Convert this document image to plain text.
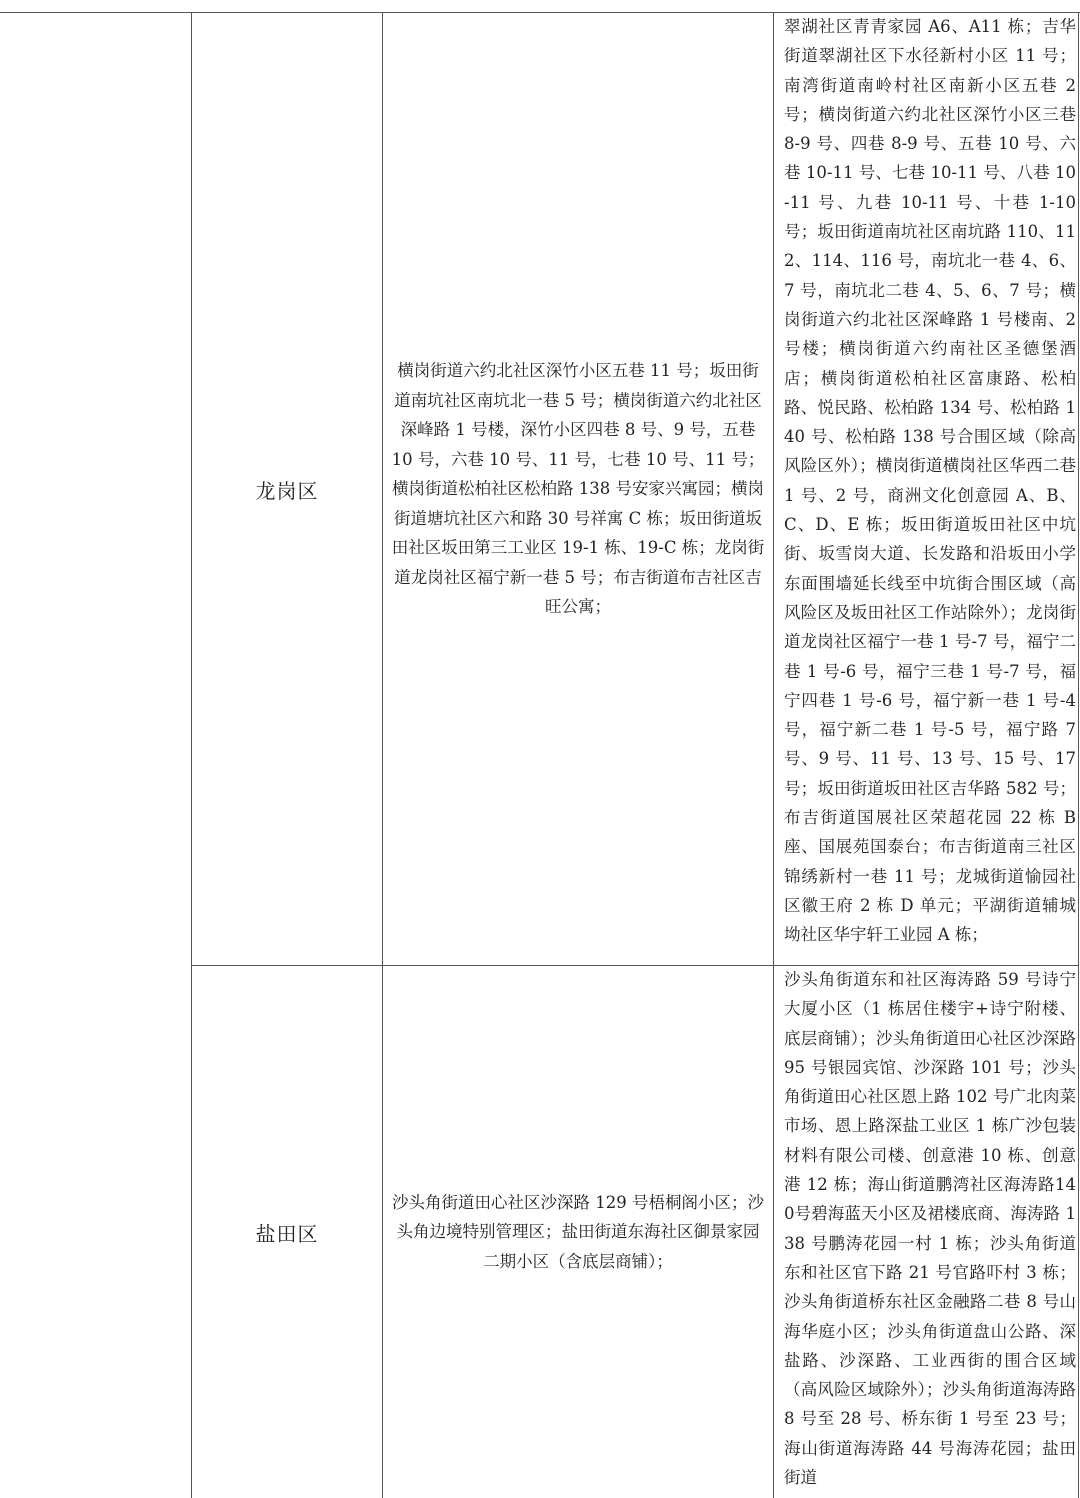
龙岗区
横岗街道六约北社区深竹小区五巷 11 号；坂田街道南坑社区南坑北一巷 5 号；横岗街道六约北社区深峰路 1 号楼，深竹小区四巷 8 号、9 号，五巷 10 号，六巷 10 号、11 号，七巷 10 号、11 号；横岗街道松柏社区松柏路 138 号安家兴寓园；横岗街道塘坑社区六和路 30 号祥寓 C 栋；坂田街道坂田社区坂田第三工业区 19-1 栋、19-C 栋；龙岗街道龙岗社区福宁新一巷 5 号；布吉街道布吉社区吉旺公寓；
翠湖社区青青家园 A6、A11 栋；吉华街道翠湖社区下水径新村小区 11 号；南湾街道南岭村社区南新小区五巷 2 号；横岗街道六约北社区深竹小区三巷 8-9 号、四巷 8-9 号、五巷 10 号、六巷 10-11 号、七巷 10-11 号、八巷 10-11 号、九巷 10-11 号、十巷 1-10 号；坂田街道南坑社区南坑路 110、112、114、116 号，南坑北一巷 4、6、7 号，南坑北二巷 4、5、6、7 号；横岗街道六约北社区深峰路 1 号楼南、2 号楼；横岗街道六约南社区圣德堡酒店；横岗街道松柏社区富康路、松柏路、悦民路、松柏路 134 号、松柏路 140 号、松柏路 138 号合围区域（除高风险区外）；横岗街道横岗社区华西二巷 1 号、2 号，商洲文化创意园 A、B、C、D、E 栋；坂田街道坂田社区中坑街、坂雪岗大道、长发路和沿坂田小学东面围墙延长线至中坑街合围区域（高风险区及坂田社区工作站除外）；龙岗街道龙岗社区福宁一巷 1 号-7 号，福宁二巷 1 号-6 号，福宁三巷 1 号-7 号，福宁四巷 1 号-6 号，福宁新一巷 1 号-4 号，福宁新二巷 1 号-5 号，福宁路 7 号、9 号、11 号、13 号、15 号、17 号；坂田街道坂田社区吉华路 582 号；布吉街道国展社区荣超花园 22 栋 B 座、国展苑国泰台；布吉街道南三社区锦绣新村一巷 11 号；龙城街道愉园社区徽王府 2 栋 D 单元；平湖街道辅城坳社区华宇轩工业园 A 栋；
盐田区
沙头角街道田心社区沙深路 129 号梧桐阁小区；沙头角边境特别管理区；盐田街道东海社区御景家园二期小区（含底层商铺）；
沙头角街道东和社区海涛路 59 号诗宁大厦小区（1 栋居住楼宇+诗宁附楼、底层商铺）；沙头角街道田心社区沙深路 95 号银园宾馆、沙深路 101 号；沙头角街道田心社区恩上路 102 号广北肉菜市场、恩上路深盐工业区 1 栋广沙包装材料有限公司楼、创意港 10 栋、创意港 12 栋；海山街道鹏湾社区海涛路140号碧海蓝天小区及裙楼底商、海涛路 138 号鹏涛花园一村 1 栋；沙头角街道东和社区官下路 21 号官路吓村 3 栋；沙头角街道桥东社区金融路二巷 8 号山海华庭小区；沙头角街道盘山公路、深盐路、沙深路、工业西街的围合区域（高风险区域除外）；沙头角街道海涛路 8 号至 28 号、桥东街 1 号至 23 号；海山街道海涛路 44 号海涛花园；盐田街道
